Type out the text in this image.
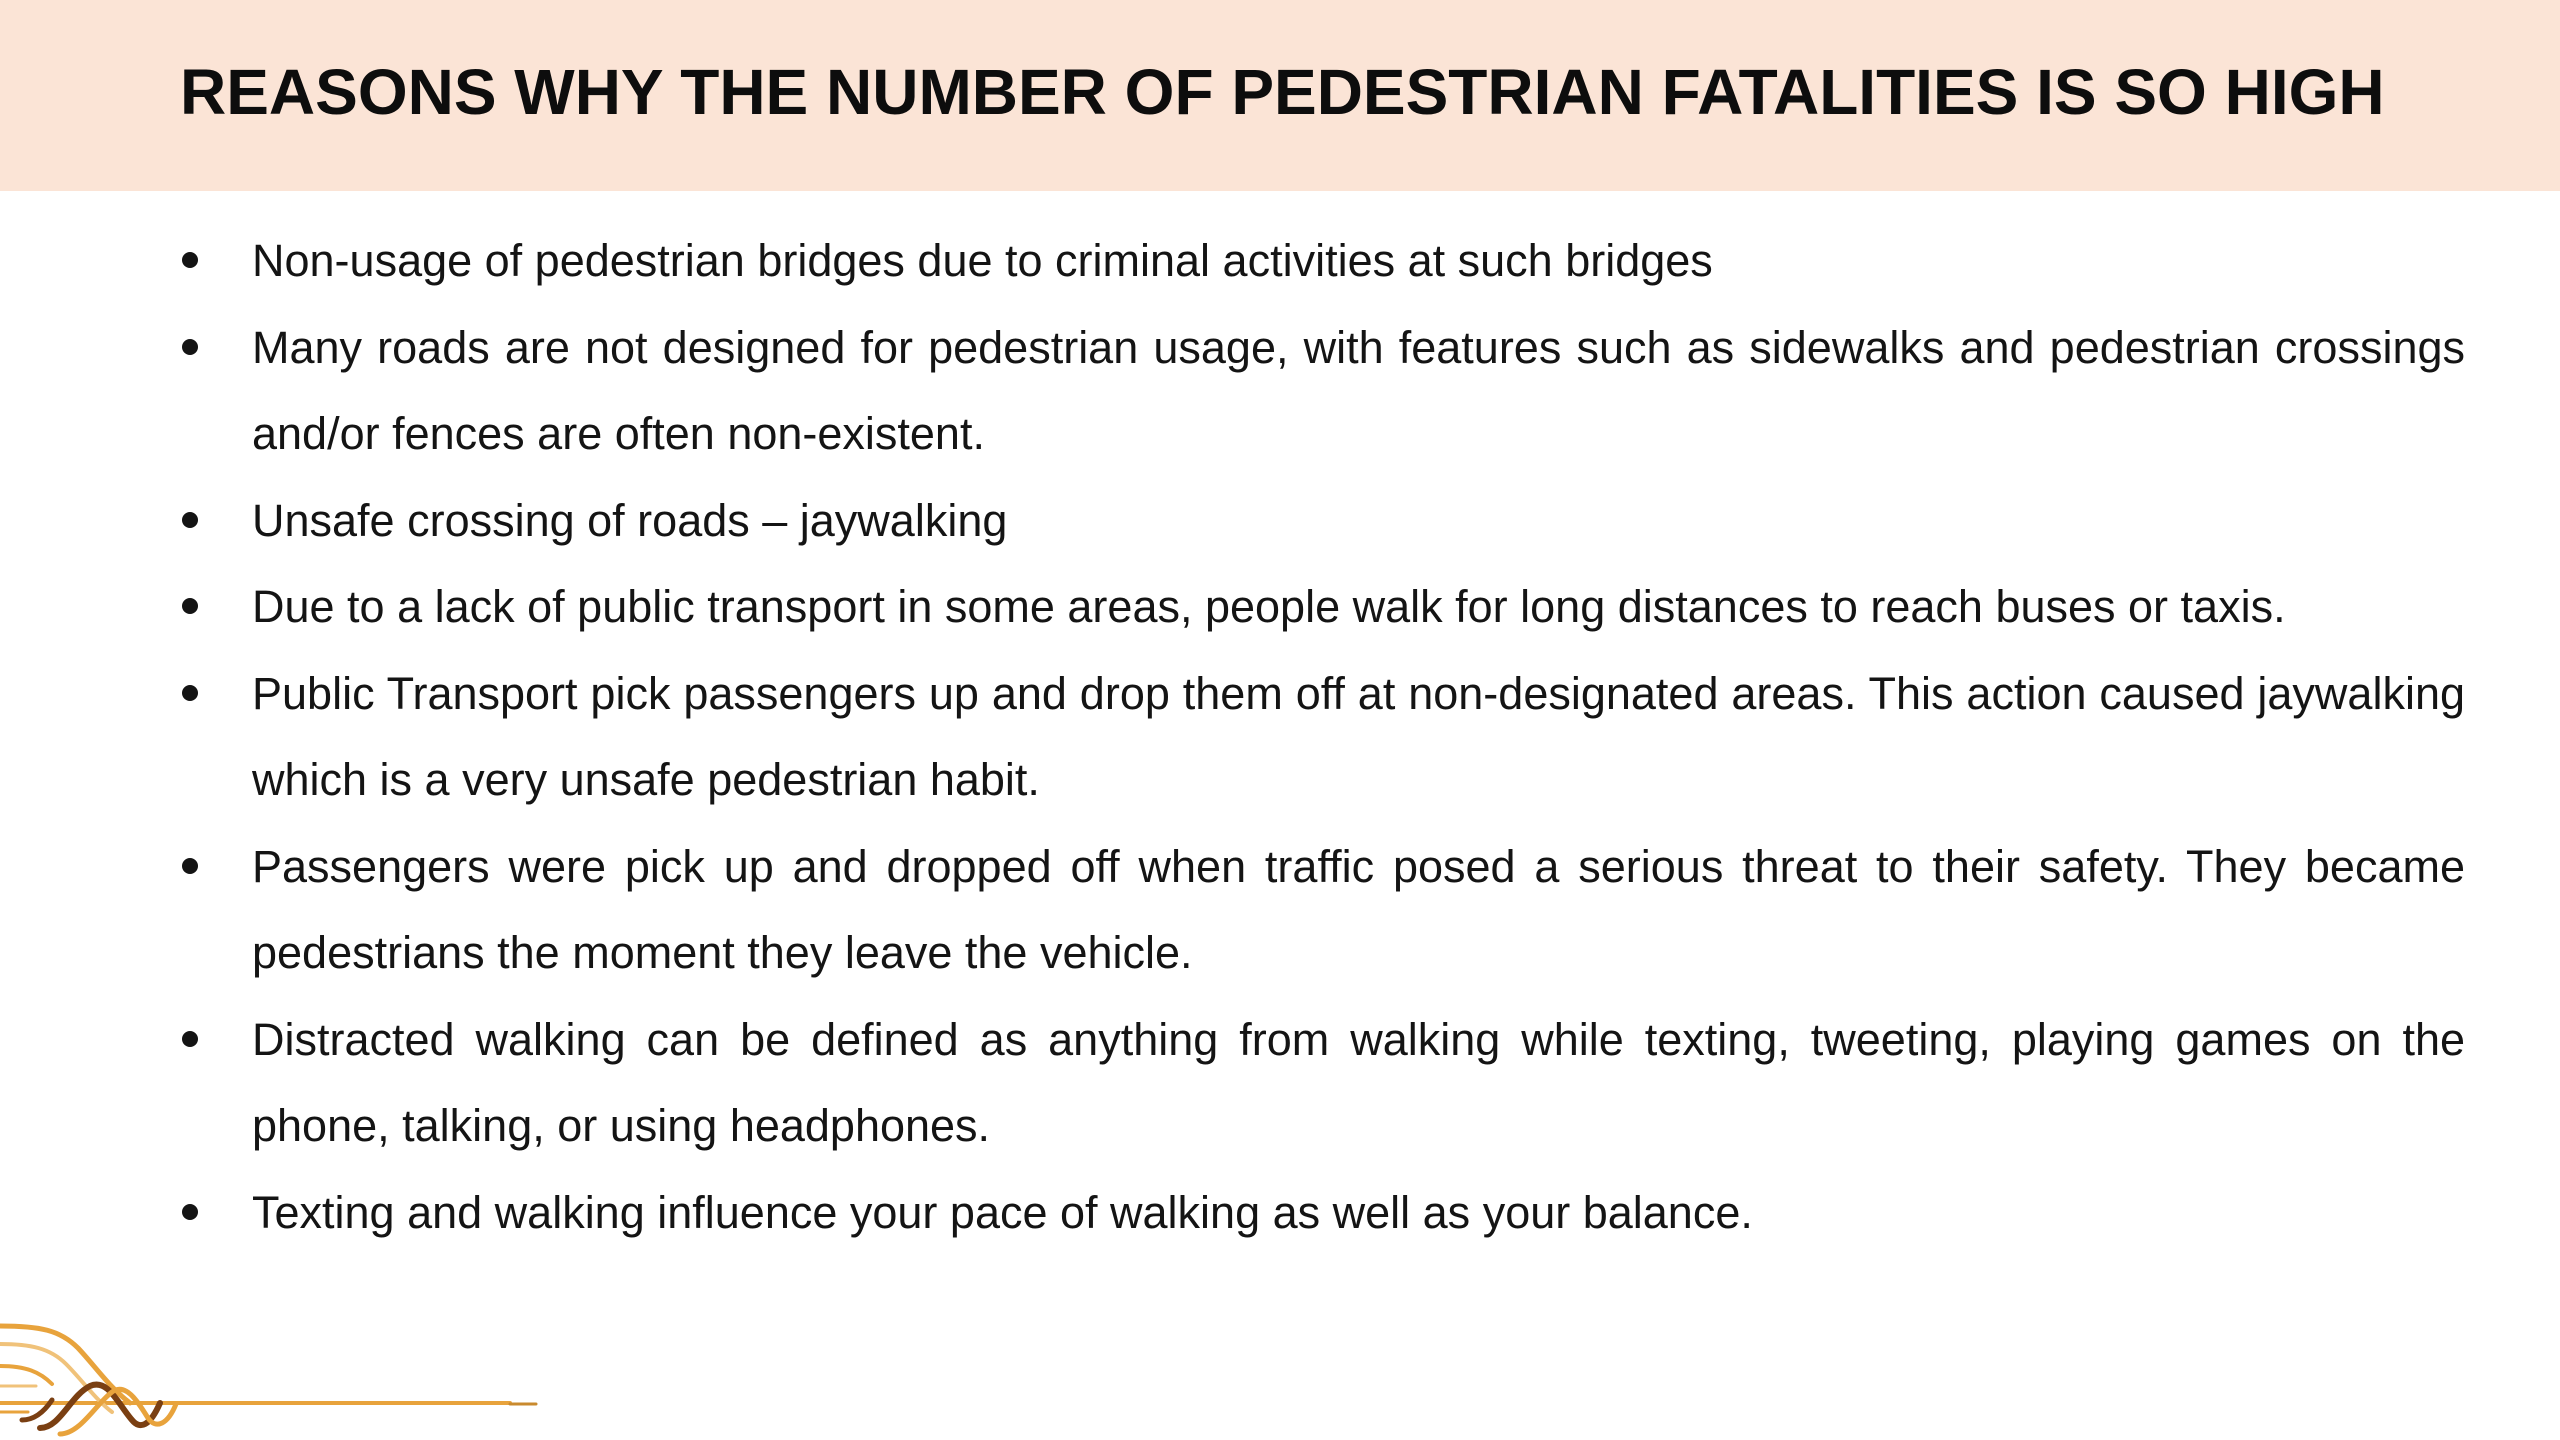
REASONS WHY THE NUMBER OF PEDESTRIAN FATALITIES IS SO HIGH
Non-usage of pedestrian bridges due to criminal activities at such bridges
Many roads are not designed for pedestrian usage, with features such as sidewalks and pedestrian crossings and/or fences are often non-existent.
Unsafe crossing of roads – jaywalking
Due to a lack of public transport in some areas, people walk for long distances to reach buses or taxis.
Public Transport pick passengers up and drop them off at non-designated areas. This action caused jaywalking which is a very unsafe pedestrian habit.
Passengers were pick up and dropped off when traffic posed a serious threat to their safety. They became pedestrians the moment they leave the vehicle.
Distracted walking can be defined as anything from walking while texting, tweeting, playing games on the phone, talking, or using headphones.
Texting and walking influence your pace of walking as well as your balance.
